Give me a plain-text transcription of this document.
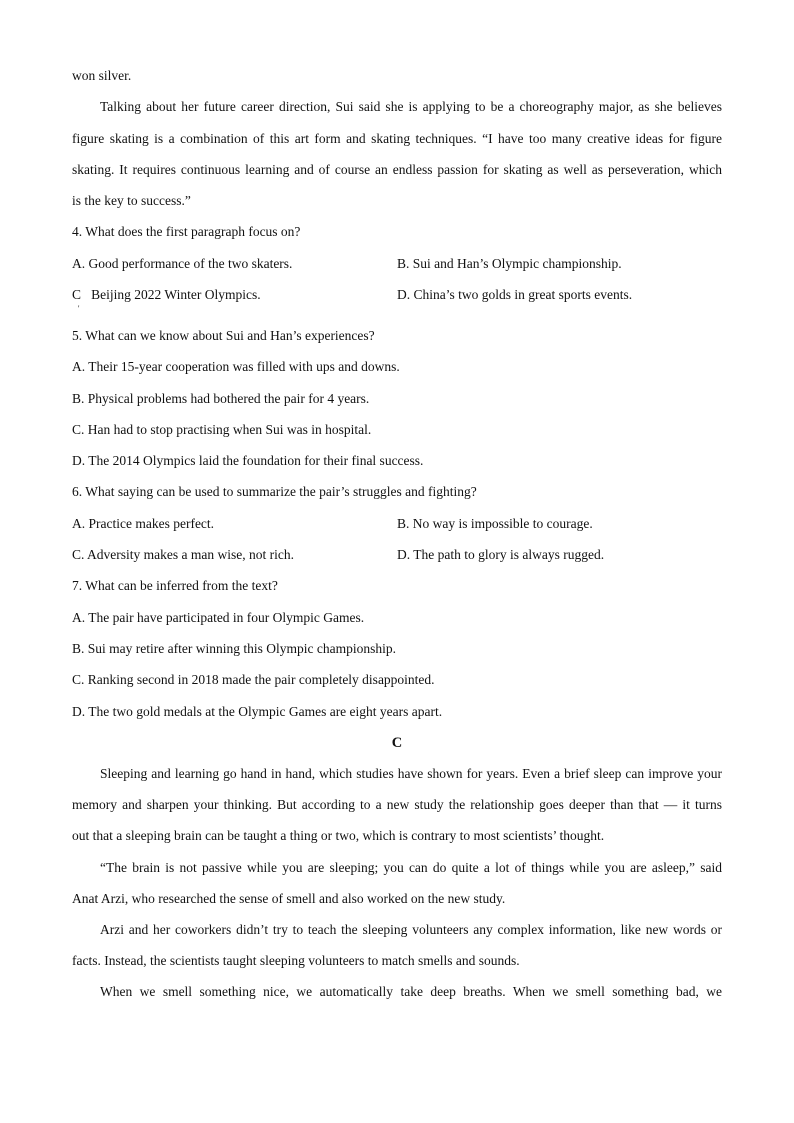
won silver.
Talking about her future career direction, Sui said she is applying to be a choreography major, as she believes
figure skating is a combination of this art form and skating techniques. “I have too many creative ideas for figure
skating. It requires continuous learning and of course an endless passion for skating as well as perseveration, which
is the key to success.”
4. What does the first paragraph focus on?
A. Good performance of the two skaters.	B. Sui and Han’s Olympic championship.
C   Beijing 2022 Winter Olympics.	D. China’s two golds in great sports events.
'
5. What can we know about Sui and Han’s experiences?
A. Their 15-year cooperation was filled with ups and downs.
B. Physical problems had bothered the pair for 4 years.
C. Han had to stop practising when Sui was in hospital.
D. The 2014 Olympics laid the foundation for their final success.
6. What saying can be used to summarize the pair’s struggles and fighting?
A. Practice makes perfect.	B. No way is impossible to courage.
C. Adversity makes a man wise, not rich.	D. The path to glory is always rugged.
7. What can be inferred from the text?
A. The pair have participated in four Olympic Games.
B. Sui may retire after winning this Olympic championship.
C. Ranking second in 2018 made the pair completely disappointed.
D. The two gold medals at the Olympic Games are eight years apart.
C
Sleeping and learning go hand in hand, which studies have shown for years. Even a brief sleep can improve your
memory and sharpen your thinking. But according to a new study the relationship goes deeper than that — it turns
out that a sleeping brain can be taught a thing or two, which is contrary to most scientists’ thought.
“The brain is not passive while you are sleeping; you can do quite a lot of things while you are asleep,” said
Anat Arzi, who researched the sense of smell and also worked on the new study.
Arzi and her coworkers didn’t try to teach the sleeping volunteers any complex information, like new words or
facts. Instead, the scientists taught sleeping volunteers to match smells and sounds.
When we smell something nice, we automatically take deep breaths. When we smell something bad, we
